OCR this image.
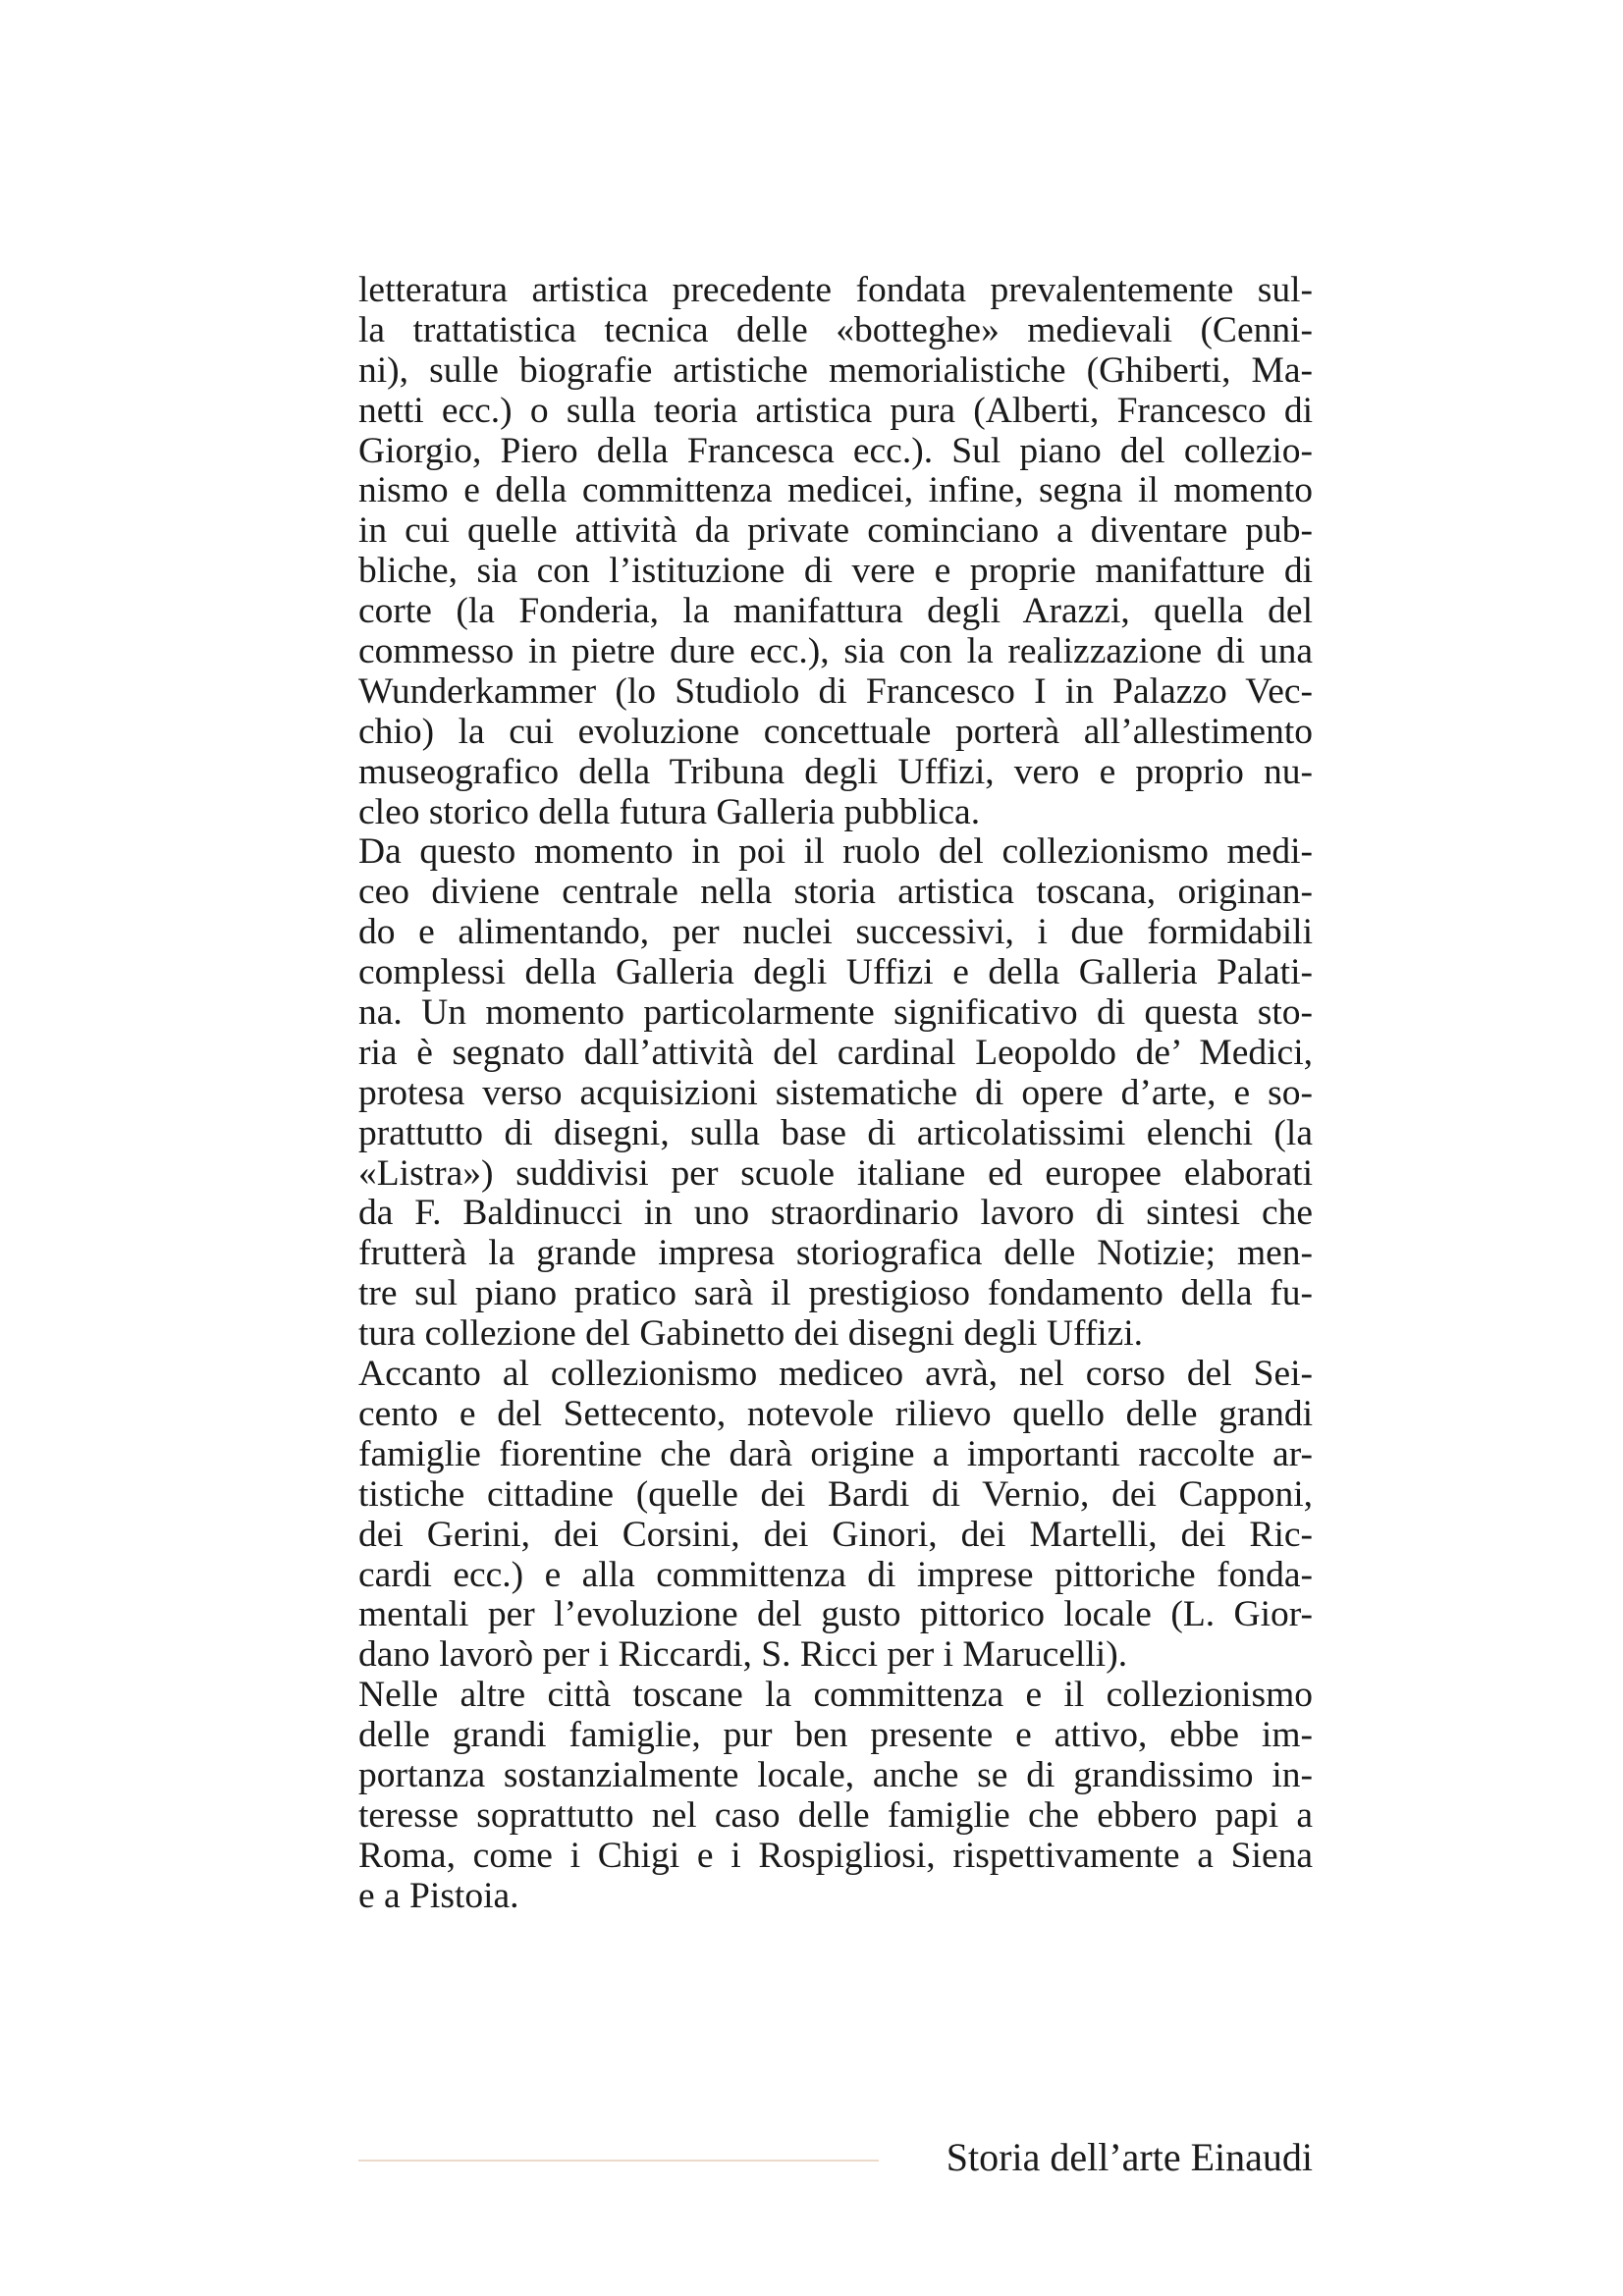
letteratura artistica precedente fondata prevalentemente sul-
la trattatistica tecnica delle «botteghe» medievali (Cenni-
ni), sulle biografie artistiche memorialistiche (Ghiberti, Ma-
netti ecc.) o sulla teoria artistica pura (Alberti, Francesco di
Giorgio, Piero della Francesca ecc.). Sul piano del collezio-
nismo e della committenza medicei, infine, segna il momento
in cui quelle attività da private cominciano a diventare pub-
bliche, sia con l’istituzione di vere e proprie manifatture di
corte (la Fonderia, la manifattura degli Arazzi, quella del
commesso in pietre dure ecc.), sia con la realizzazione di una
Wunderkammer (lo Studiolo di Francesco I in Palazzo Vec-
chio) la cui evoluzione concettuale porterà all’allestimento
museografico della Tribuna degli Uffizi, vero e proprio nu-
cleo storico della futura Galleria pubblica.
Da questo momento in poi il ruolo del collezionismo medi-
ceo diviene centrale nella storia artistica toscana, originan-
do e alimentando, per nuclei successivi, i due formidabili
complessi della Galleria degli Uffizi e della Galleria Palati-
na. Un momento particolarmente significativo di questa sto-
ria è segnato dall’attività del cardinal Leopoldo de’ Medici,
protesa verso acquisizioni sistematiche di opere d’arte, e so-
prattutto di disegni, sulla base di articolatissimi elenchi (la
«Listra») suddivisi per scuole italiane ed europee elaborati
da F. Baldinucci in uno straordinario lavoro di sintesi che
frutterà la grande impresa storiografica delle Notizie; men-
tre sul piano pratico sarà il prestigioso fondamento della fu-
tura collezione del Gabinetto dei disegni degli Uffizi.
Accanto al collezionismo mediceo avrà, nel corso del Sei-
cento e del Settecento, notevole rilievo quello delle grandi
famiglie fiorentine che darà origine a importanti raccolte ar-
tistiche cittadine (quelle dei Bardi di Vernio, dei Capponi,
dei Gerini, dei Corsini, dei Ginori, dei Martelli, dei Ric-
cardi ecc.) e alla committenza di imprese pittoriche fonda-
mentali per l’evoluzione del gusto pittorico locale (L. Gior-
dano lavorò per i Riccardi, S. Ricci per i Marucelli).
Nelle altre città toscane la committenza e il collezionismo
delle grandi famiglie, pur ben presente e attivo, ebbe im-
portanza sostanzialmente locale, anche se di grandissimo in-
teresse soprattutto nel caso delle famiglie che ebbero papi a
Roma, come i Chigi e i Rospigliosi, rispettivamente a Siena
e a Pistoia.
Storia dell’arte Einaudi
